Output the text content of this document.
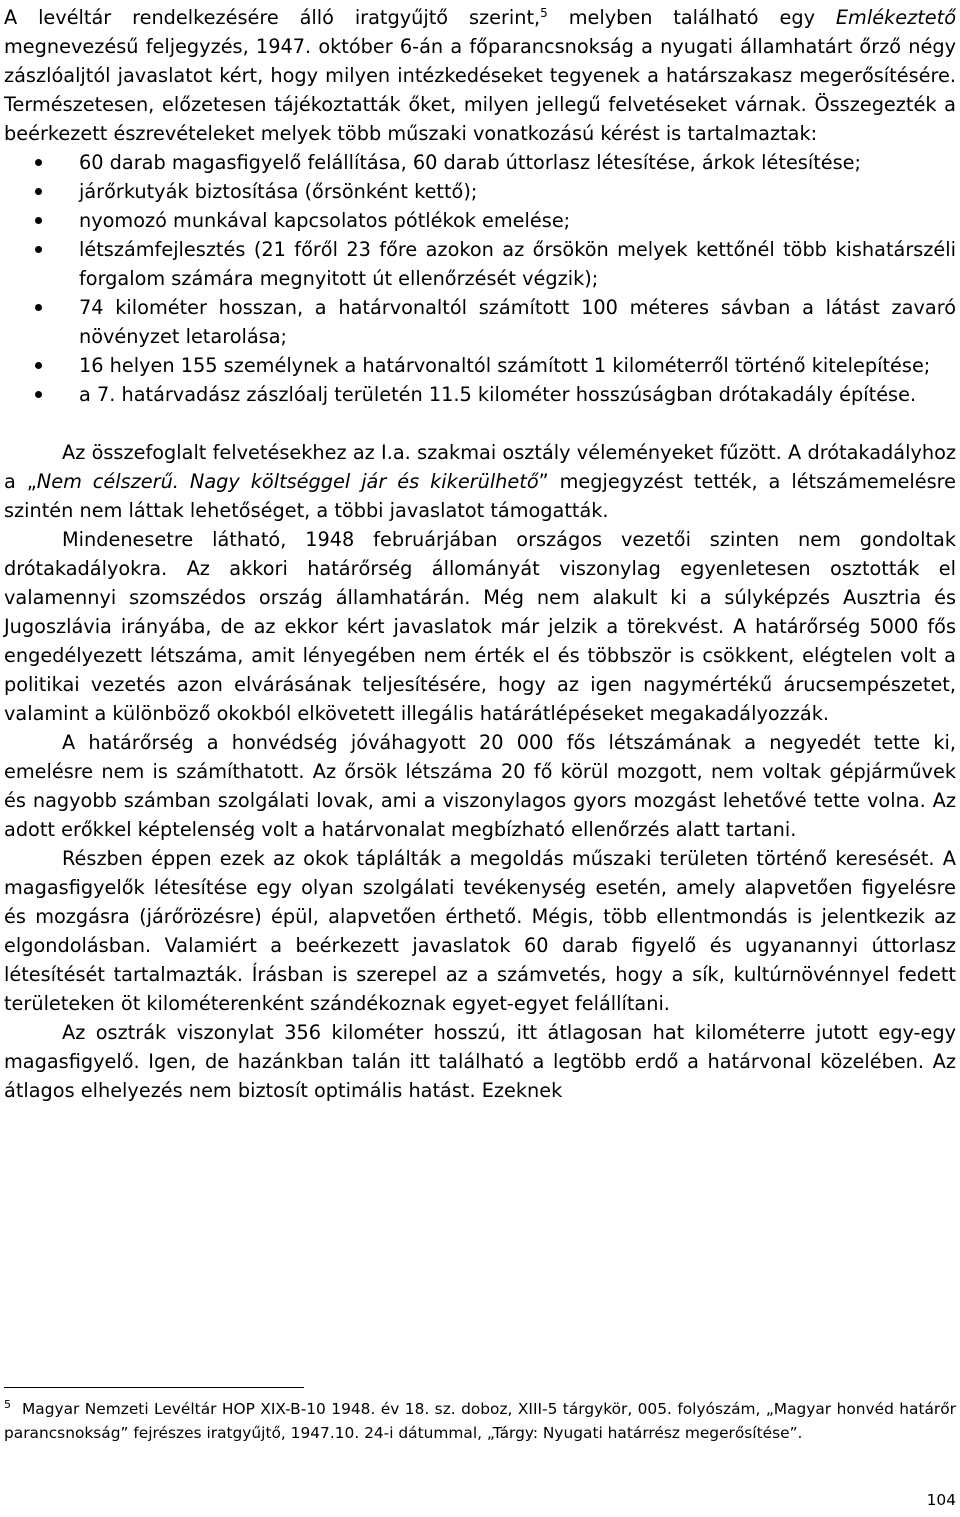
A levéltár rendelkezésére álló iratgyűjtő szerint,$^5$ melyben található egy Emlékeztető megnevezésű feljegyzés, 1947. október 6-án a főparancsnokság a nyugati államhatárt őrző négy zászlóaljtól javaslatot kért, hogy milyen intézkedéseket tegyenek a határszakasz megerősítésére. Természetesen, előzetesen tájékoztatták őket, milyen jellegű felvetéseket várnak. Összegezték a beérkezett észrevételeket melyek több műszaki vonatkozású kérést is tartalmaztak:

60 darab magasfigyelő felállítása, 60 darab úttorlasz létesítése, árkok létesítése;
járőrkutyák biztosítása (őrsönként kettő);
nyomozó munkával kapcsolatos pótlékok emelése;
létszámfejlesztés (21 főről 23 főre azokon az őrsökön melyek kettőnél több kishatárszéli forgalom számára megnyitott út ellenőrzését végzik);
74 kilométer hosszan, a határvonaltól számított 100 méteres sávban a látást zavaró növényzet letarolása;
16 helyen 155 személynek a határvonaltól számított 1 kilométerről történő kitelepítése;
a 7. határvadász zászlóalj területén 11.5 kilométer hosszúságban drótakadály építése.

Az összefoglalt felvetésekhez az I.a. szakmai osztály véleményeket fűzött. A drótakadályhoz a „Nem célszerű. Nagy költséggel jár és kikerülhető” megjegyzést tették, a létszámemelésre szintén nem láttak lehetőséget, a többi javaslatot támogatták.

Mindenesetre látható, 1948 februárjában országos vezetői szinten nem gondoltak drótakadályokra. Az akkori határőrség állományát viszonylag egyenletesen osztották el valamennyi szomszédos ország államhatárán. Még nem alakult ki a súlyképzés Ausztria és Jugoszlávia irányába, de az ekkor kért javaslatok már jelzik a törekvést. A határőrség 5000 fős engedélyezett létszáma, amit lényegében nem érték el és többször is csökkent, elégtelen volt a politikai vezetés azon elvárásának teljesítésére, hogy az igen nagymértékű árucsempészetet, valamint a különböző okokból elkövetett illegális határátlépéseket megakadályozzák.

A határőrség a honvédség jóváhagyott 20 000 fős létszámának a negyedét tette ki, emelésre nem is számíthatott. Az őrsök létszáma 20 fő körül mozgott, nem voltak gépjárművek és nagyobb számban szolgálati lovak, ami a viszonylagos gyors mozgást lehetővé tette volna. Az adott erőkkel képtelenség volt a határvonalat megbízható ellenőrzés alatt tartani.

Részben éppen ezek az okok táplálták a megoldás műszaki területen történő keresését. A magasfigyelők létesítése egy olyan szolgálati tevékenység esetén, amely alapvetően figyelésre és mozgásra (járőrözésre) épül, alapvetően érthető. Mégis, több ellentmondás is jelentkezik az elgondolásban. Valamiért a beérkezett javaslatok 60 darab figyelő és ugyanannyi úttorlasz létesítését tartalmazták. Írásban is szerepel az a számvetés, hogy a sík, kultúrnövénnyel fedett területeken öt kilométerenként szándékoznak egyet-egyet felállítani.

Az osztrák viszonylat 356 kilométer hosszú, itt átlagosan hat kilométerre jutott egy-egy magasfigyelő. Igen, de hazánkban talán itt található a legtöbb erdő a határvonal közelében. Az átlagos elhelyezés nem biztosít optimális hatást. Ezeknek

$^5$ Magyar Nemzeti Levéltár HOP XIX-B-10 1948. év 18. sz. doboz, XIII-5 tárgykör, 005. folyószám, „Magyar honvéd határőr parancsnokság” fejrészes iratgyűjtő, 1947.10. 24-i dátummal, „Tárgy: Nyugati határrész megerősítése”.

104
